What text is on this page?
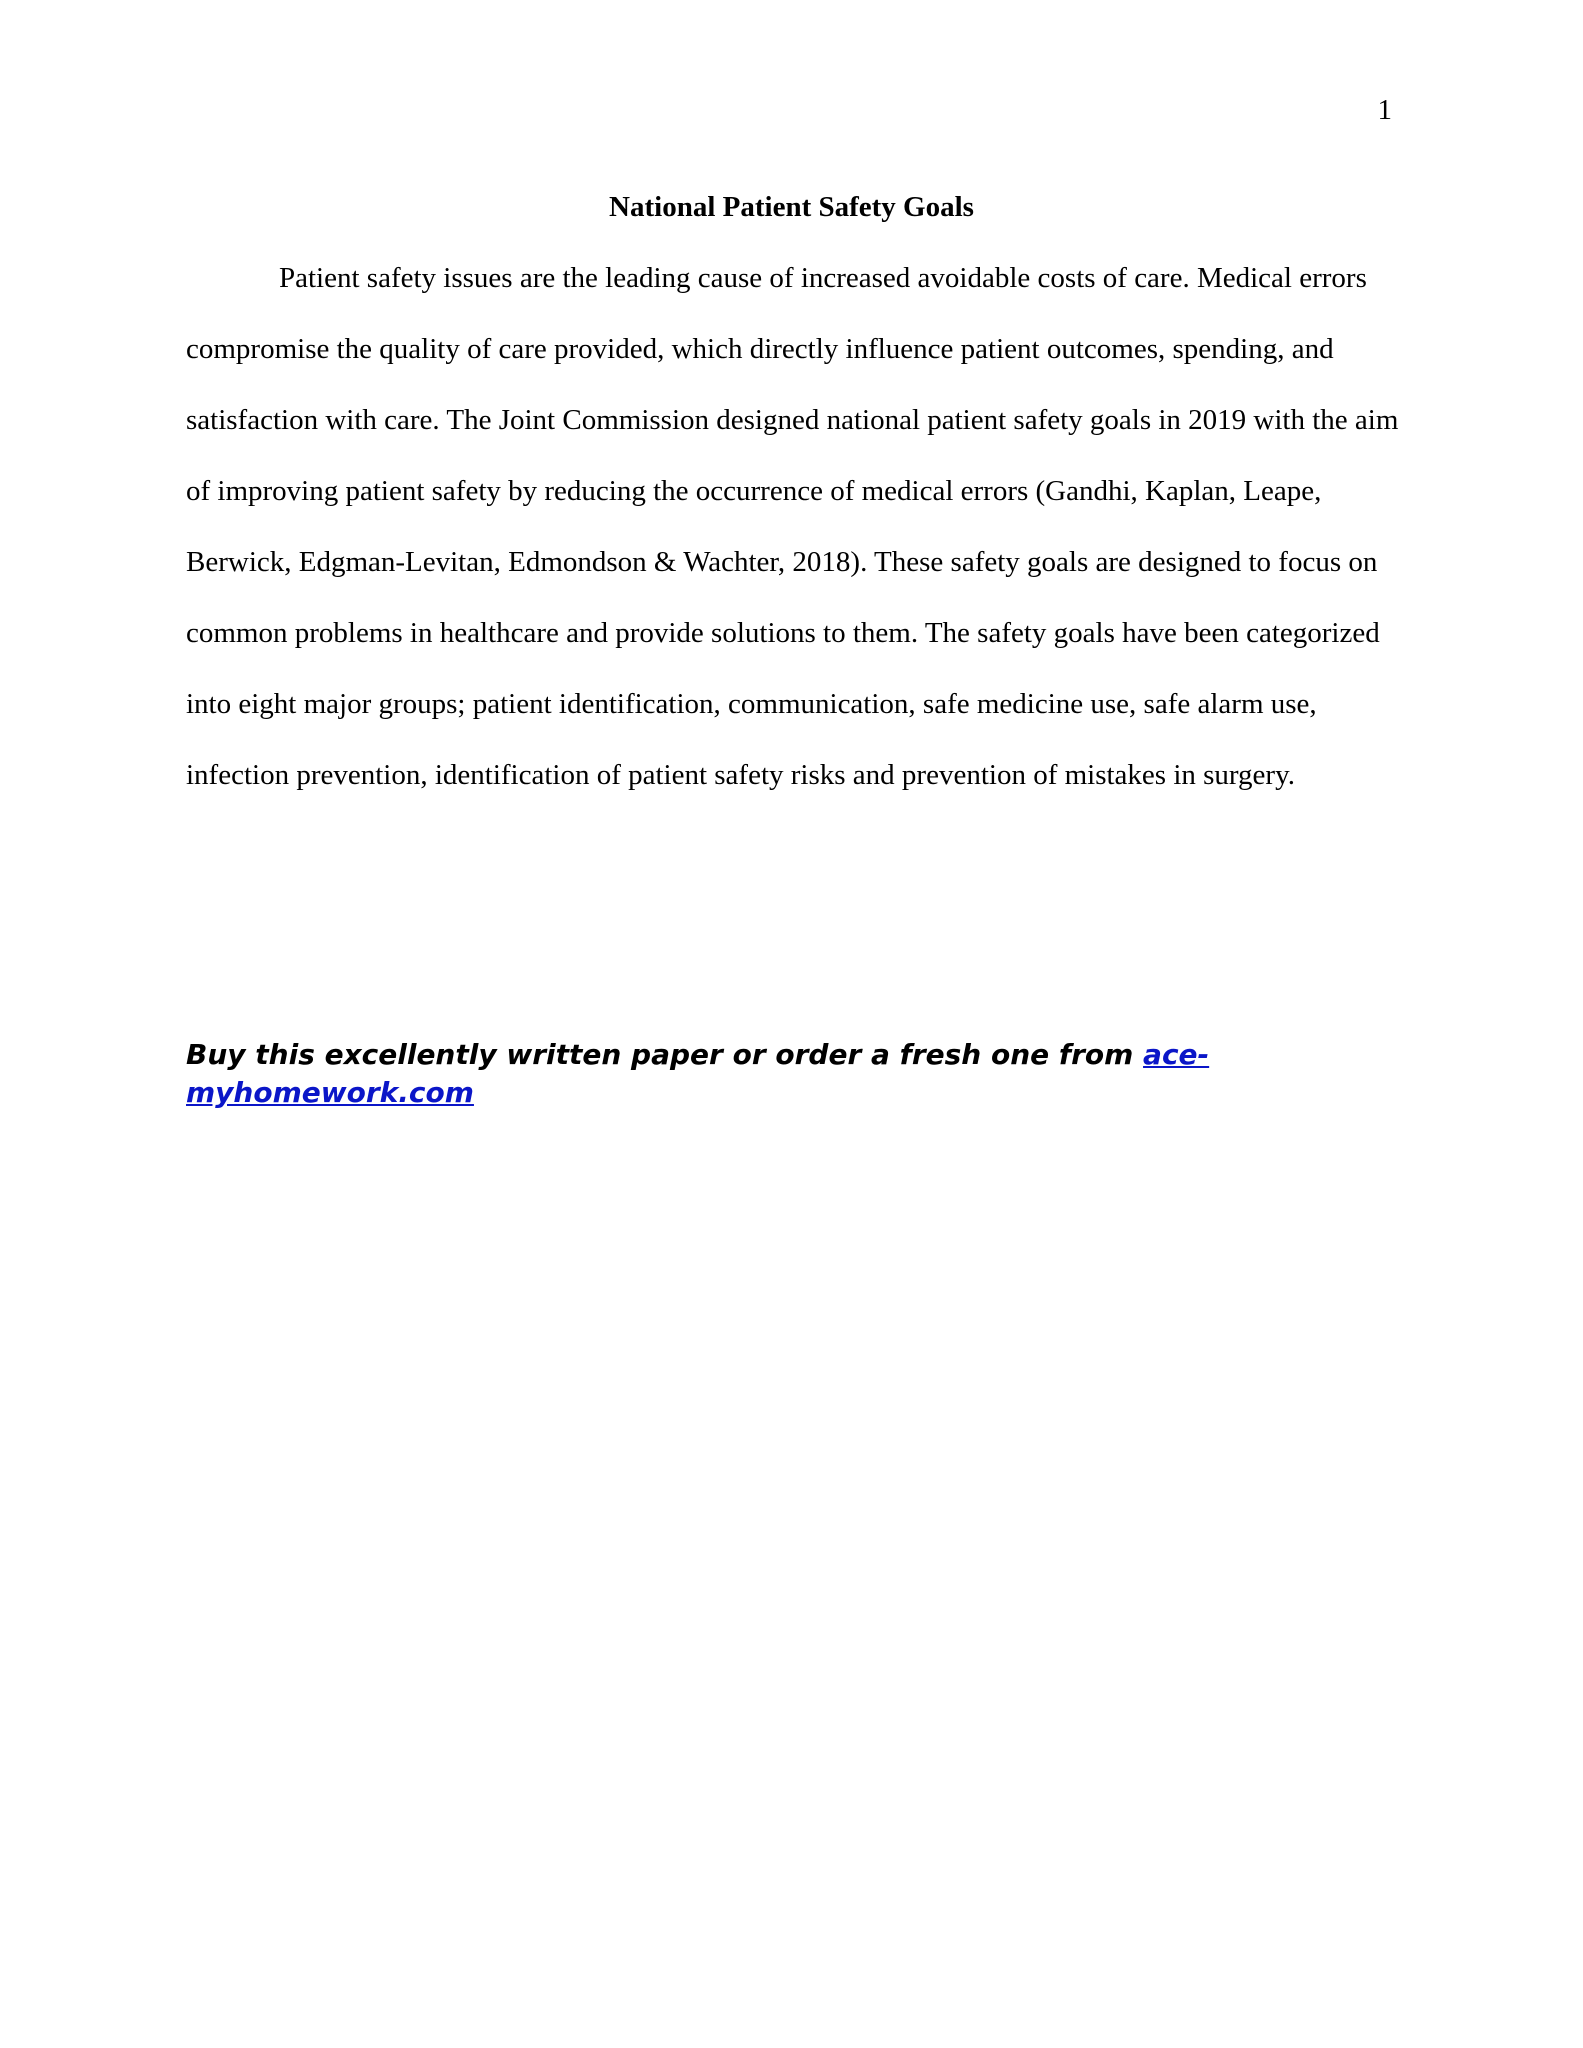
1
National Patient Safety Goals

Patient safety issues are the leading cause of increased avoidable costs of care. Medical errors compromise the quality of care provided, which directly influence patient outcomes, spending, and satisfaction with care. The Joint Commission designed national patient safety goals in 2019 with the aim of improving patient safety by reducing the occurrence of medical errors (Gandhi, Kaplan, Leape, Berwick, Edgman-Levitan, Edmondson & Wachter, 2018). These safety goals are designed to focus on common problems in healthcare and provide solutions to them. The safety goals have been categorized into eight major groups; patient identification, communication, safe medicine use, safe alarm use, infection prevention, identification of patient safety risks and prevention of mistakes in surgery.

Buy this excellently written paper or order a fresh one from ace-myhomework.com
